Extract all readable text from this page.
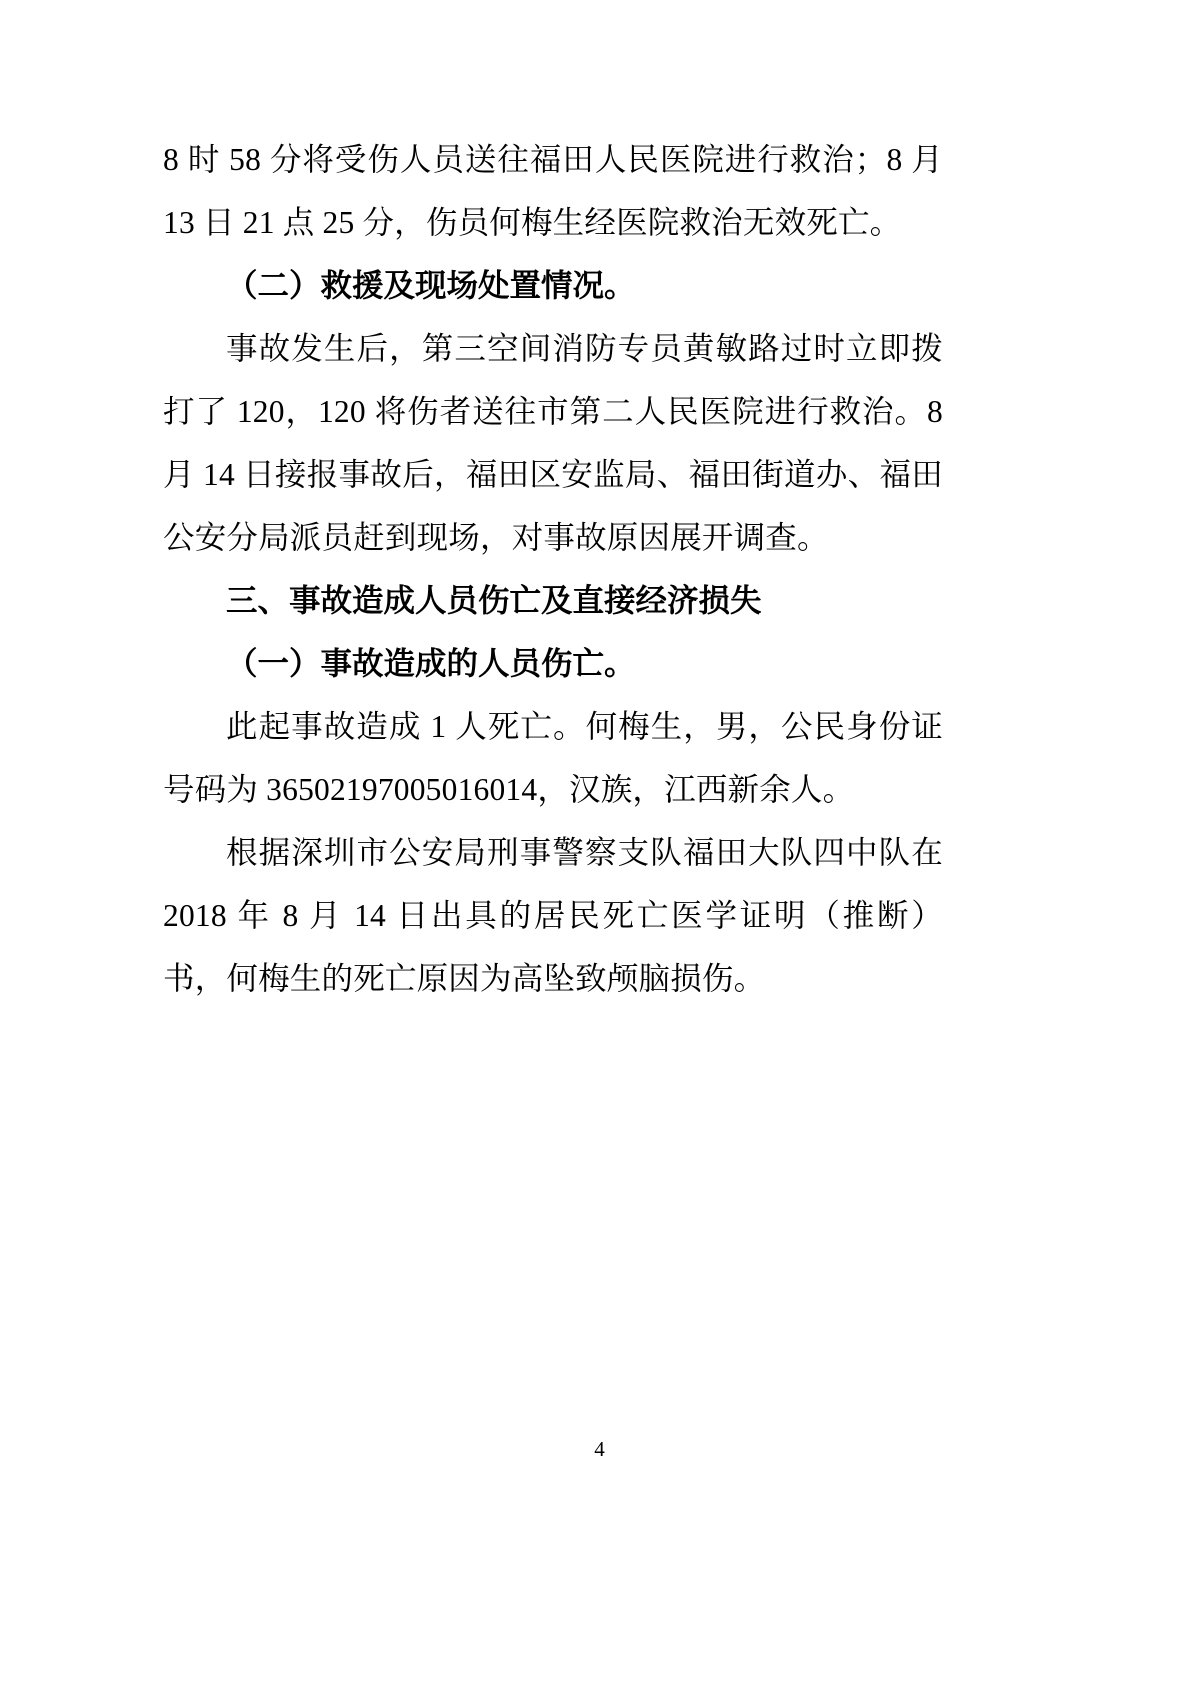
8 时 58 分将受伤人员送往福田人民医院进行救治；8 月 13 日 21 点 25 分，伤员何梅生经医院救治无效死亡。

（二）救援及现场处置情况。

事故发生后，第三空间消防专员黄敏路过时立即拨打了 120，120 将伤者送往市第二人民医院进行救治。8 月 14 日接报事故后，福田区安监局、福田街道办、福田公安分局派员赶到现场，对事故原因展开调查。

三、事故造成人员伤亡及直接经济损失

（一）事故造成的人员伤亡。

此起事故造成 1 人死亡。何梅生，男，公民身份证号码为 36502197005016014，汉族，江西新余人。

根据深圳市公安局刑事警察支队福田大队四中队在 2018 年 8 月 14 日出具的居民死亡医学证明（推断）书，何梅生的死亡原因为高坠致颅脑损伤。

4
